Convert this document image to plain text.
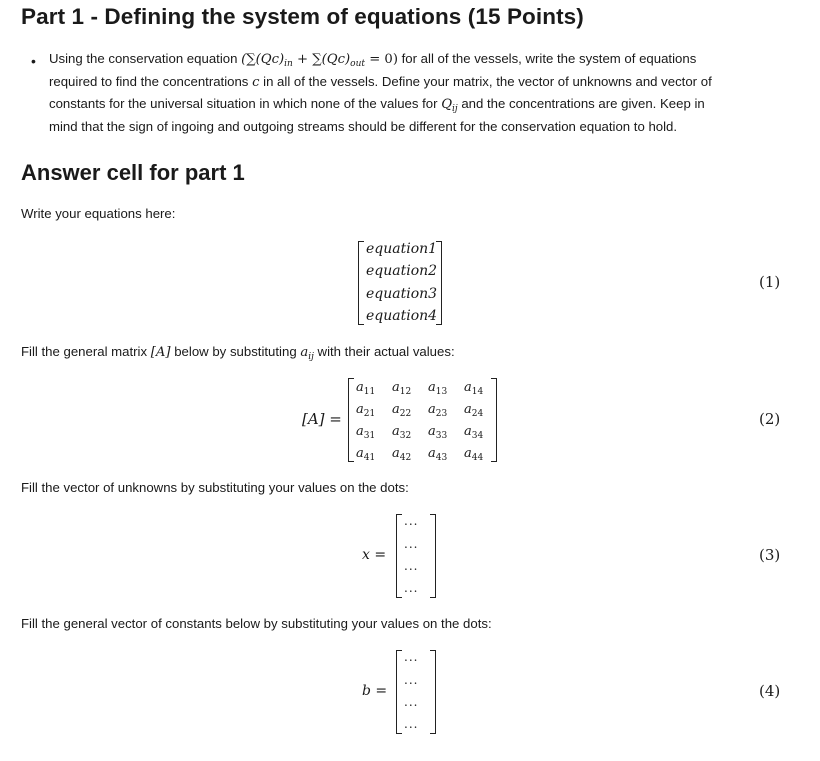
Part 1 - Defining the system of equations (15 Points)
• Using the conservation equation $(\sum(Qc)_{in} + \sum(Qc)_{out} = 0)$ for all of the vessels, write the system of equations
required to find the concentrations c in all of the vessels. Define your matrix, the vector of unknowns and vector of
constants for the universal situation in which none of the values for $Q_{ij}$ and the concentrations are given. Keep in
mind that the sign of ingoing and outgoing streams should be different for the conservation equation to hold.
Answer cell for part 1
Write your equations here:
equation1
equation2
equation3
equation4
(1)
Fill the general matrix [A] below by substituting $a_{ij}$ with their actual values:
[A] =
$a_{11}$ $a_{12}$ $a_{13}$ $a_{14}$
$a_{21}$ $a_{22}$ $a_{23}$ $a_{24}$
$a_{31}$ $a_{32}$ $a_{33}$ $a_{34}$
$a_{41}$ $a_{42}$ $a_{43}$ $a_{44}$
(2)
Fill the vector of unknowns by substituting your values on the dots:
x =
...
...
...
...
(3)
Fill the general vector of constants below by substituting your values on the dots:
b =
...
...
...
...
(4)
